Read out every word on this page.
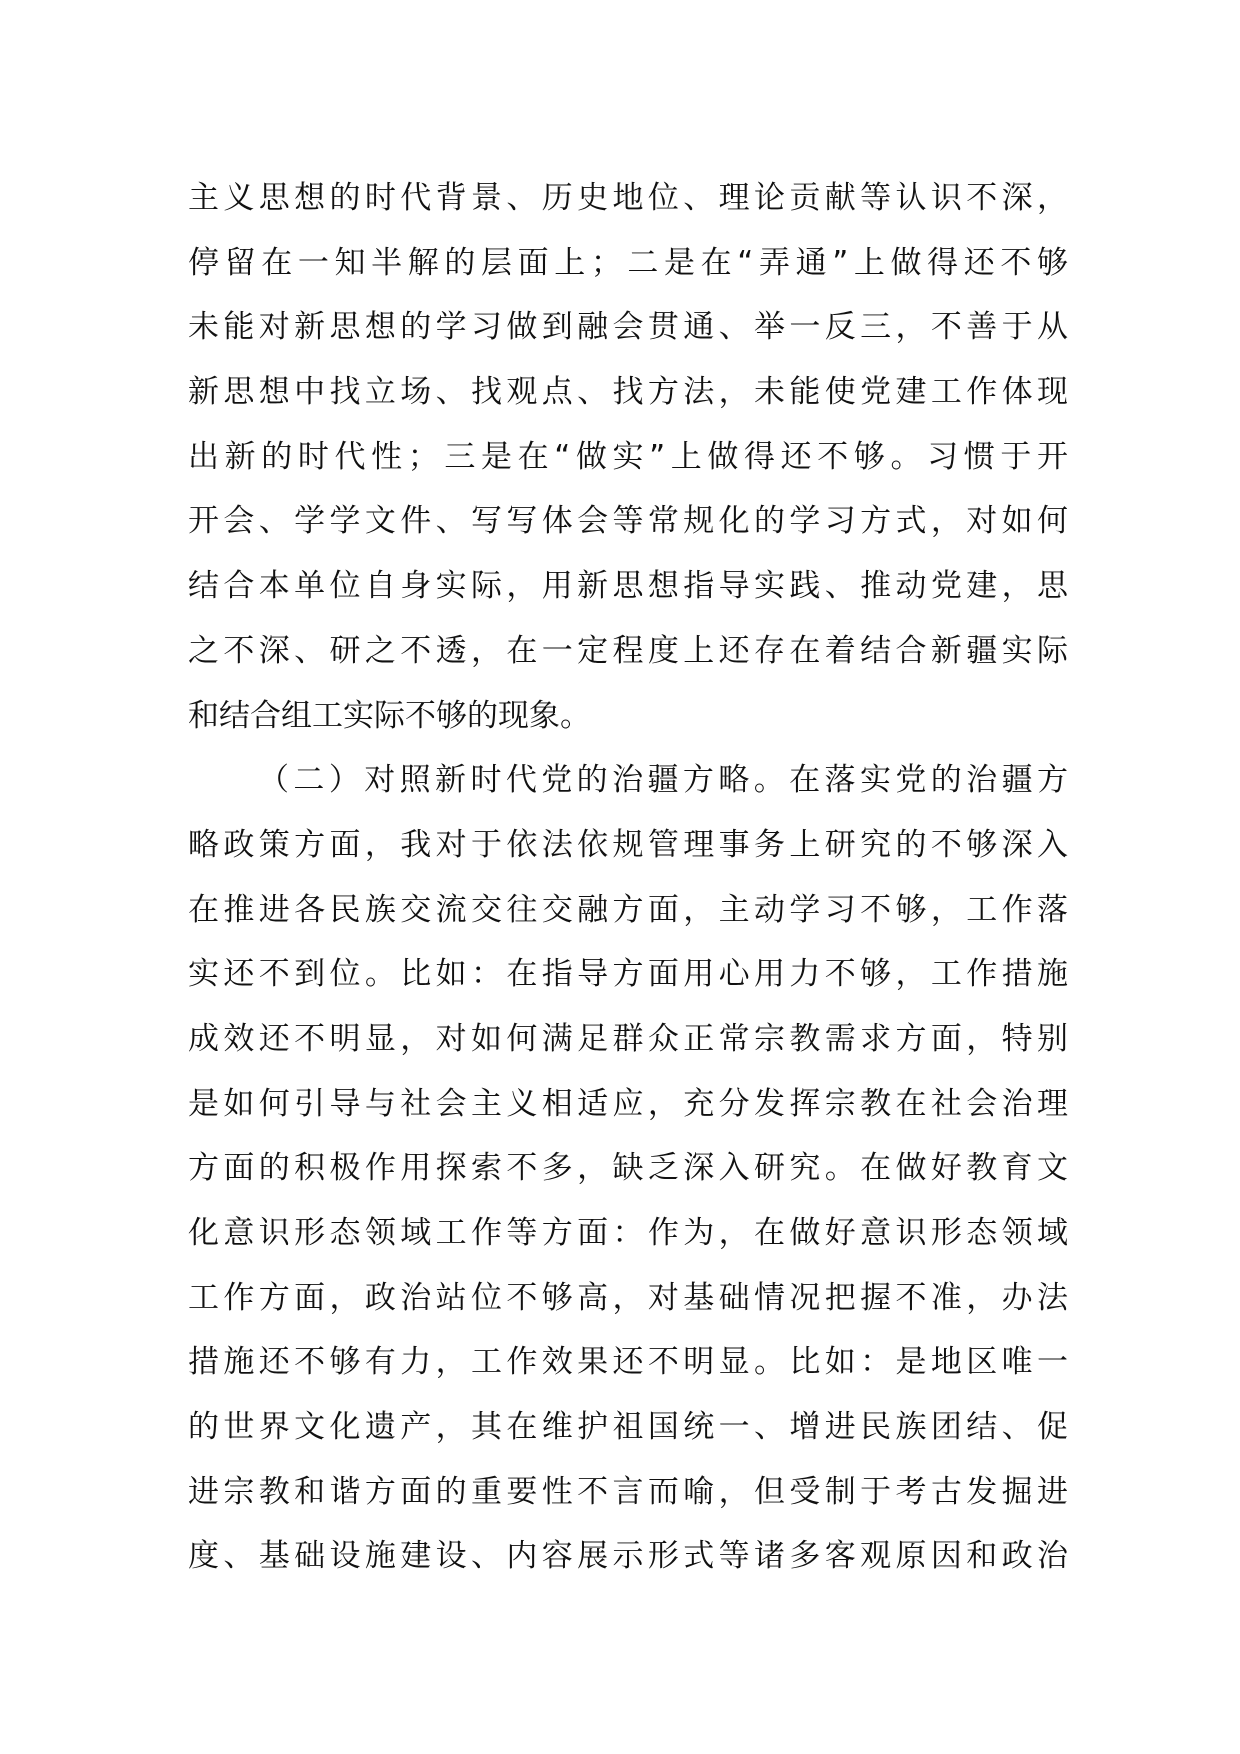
主义思想的时代背景、历史地位、理论贡献等认识不深，
停留在一知半解的层面上；二是在“弄通”上做得还不够
未能对新思想的学习做到融会贯通、举一反三，不善于从
新思想中找立场、找观点、找方法，未能使党建工作体现
出新的时代性；三是在“做实”上做得还不够。习惯于开
开会、学学文件、写写体会等常规化的学习方式，对如何
结合本单位自身实际，用新思想指导实践、推动党建，思
之不深、研之不透，在一定程度上还存在着结合新疆实际
和结合组工实际不够的现象。
（二）对照新时代党的治疆方略。在落实党的治疆方
略政策方面，我对于依法依规管理事务上研究的不够深入
在推进各民族交流交往交融方面，主动学习不够，工作落
实还不到位。比如：在指导方面用心用力不够，工作措施
成效还不明显，对如何满足群众正常宗教需求方面，特别
是如何引导与社会主义相适应，充分发挥宗教在社会治理
方面的积极作用探索不多，缺乏深入研究。在做好教育文
化意识形态领域工作等方面：作为，在做好意识形态领域
工作方面，政治站位不够高，对基础情况把握不准，办法
措施还不够有力，工作效果还不明显。比如：是地区唯一
的世界文化遗产，其在维护祖国统一、增进民族团结、促
进宗教和谐方面的重要性不言而喻，但受制于考古发掘进
度、基础设施建设、内容展示形式等诸多客观原因和政治
